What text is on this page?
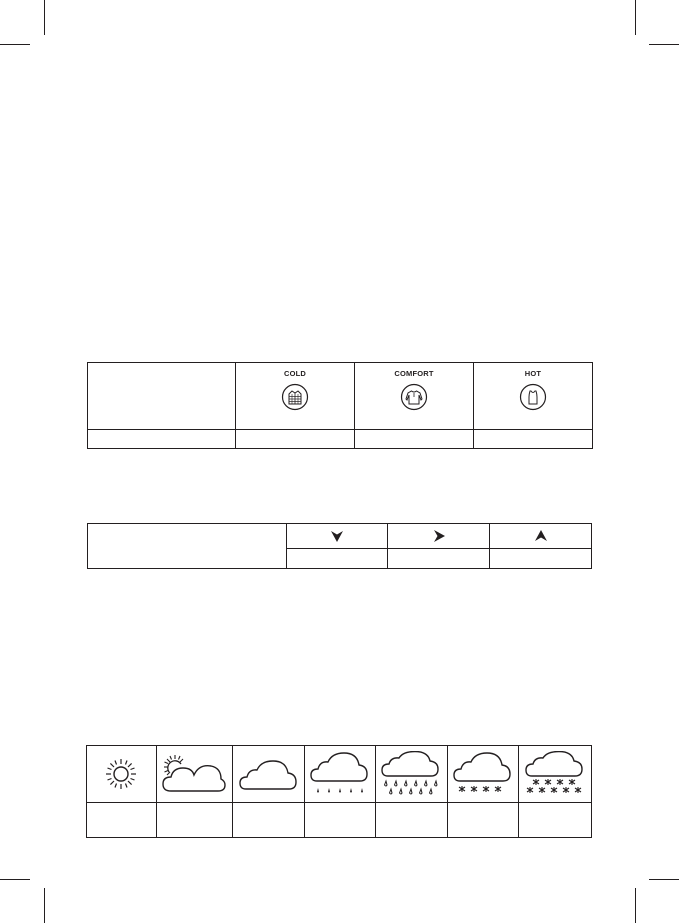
	COLD	COMFORT	HOT
